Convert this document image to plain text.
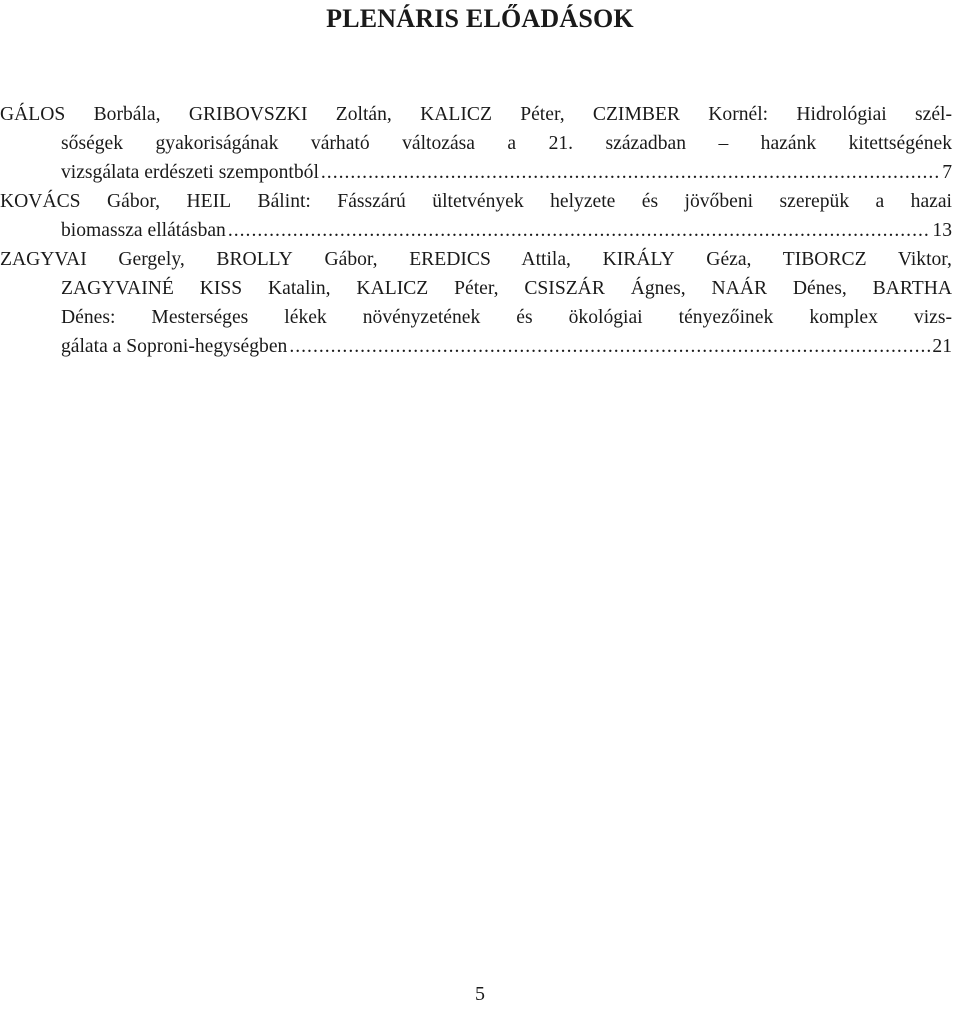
PLENÁRIS ELŐADÁSOK
GÁLOS Borbála, GRIBOVSZKI Zoltán, KALICZ Péter, CZIMBER Kornél: Hidrológiai szél-
sőségek gyakoriságának várható változása a 21. században – hazánk kitettségének
vizsgálata erdészeti szempontból .....	7
KOVÁCS Gábor, HEIL Bálint: Fásszárú ültetvények helyzete és jövőbeni szerepük a hazai
biomassza ellátásban .....	13
ZAGYVAI Gergely, BROLLY Gábor, EREDICS Attila, KIRÁLY Géza, TIBORCZ Viktor,
ZAGYVAINÉ KISS Katalin, KALICZ Péter, CSISZÁR Ágnes, NAÁR Dénes, BARTHA
Dénes: Mesterséges lékek növényzetének és ökológiai tényezőinek komplex vizs-
gálata a Soproni-hegységben .....	21
5
